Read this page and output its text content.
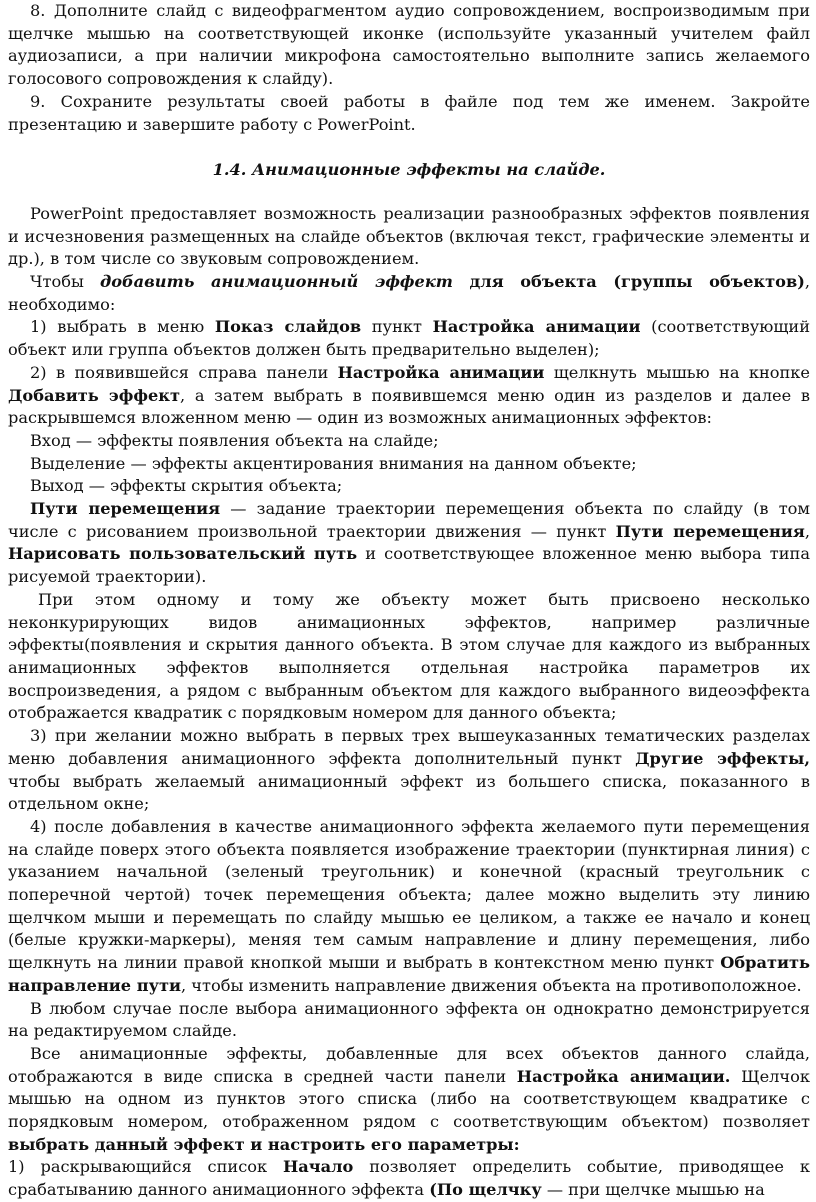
8. Дополните слайд с видеофрагментом аудио сопровождением, воспроизводимым при щелчке мышью на соответствующей иконке (используйте указанный учителем файл аудиозаписи, а при наличии микрофона самостоятельно выполните запись желаемого голосового сопровождения к слайду).

9. Сохраните результаты своей работы в файле под тем же именем. Закройте презентацию и завершите работу с PowerPoint.

1.4. Анимационные эффекты на слайде.

PowerPoint предоставляет возможность реализации разнообразных эффектов появления и исчезновения размещенных на слайде объектов (включая текст, графические элементы и др.), в том числе со звуковым сопровождением.

Чтобы добавить анимационный эффект для объекта (группы объектов), необходимо:

1) выбрать в меню Показ слайдов пункт Настройка анимации (соответствующий объект или группа объектов должен быть предварительно выделен);

2) в появившейся справа панели Настройка анимации щелкнуть мышью на кнопке Добавить эффект, а затем выбрать в появившемся меню один из разделов и далее в раскрывшемся вложенном меню — один из возможных анимационных эффектов:

Вход — эффекты появления объекта на слайде;

Выделение — эффекты акцентирования внимания на данном объекте;

Выход — эффекты скрытия объекта;

Пути перемещения — задание траектории перемещения объекта по слайду (в том числе с рисованием произвольной траектории движения — пункт Пути перемещения, Нарисовать пользовательский путь и соответствующее вложенное меню выбора типа рисуемой траектории).

При этом одному и тому же объекту может быть присвоено несколько неконкурирующих видов анимационных эффектов, например различные эффекты(появления и скрытия данного объекта. В этом случае для каждого из выбранных анимационных эффектов выполняется отдельная настройка параметров их воспроизведения, а рядом с выбранным объектом для каждого выбранного видеоэффекта отображается квадратик с порядковым номером для данного объекта;

3) при желании можно выбрать в первых трех вышеуказанных тематических разделах меню добавления анимационного эффекта дополнительный пункт Другие эффекты, чтобы выбрать желаемый анимационный эффект из большего списка, показанного в отдельном окне;

4) после добавления в качестве анимационного эффекта желаемого пути перемещения на слайде поверх этого объекта появляется изображение траектории (пунктирная линия) с указанием начальной (зеленый треугольник) и конечной (красный треугольник с поперечной чертой) точек перемещения объекта; далее можно выделить эту линию щелчком мыши и перемещать по слайду мышью ее целиком, а также ее начало и конец (белые кружки-маркеры), меняя тем самым направление и длину перемещения, либо щелкнуть на линии правой кнопкой мыши и выбрать в контекстном меню пункт Обратить направление пути, чтобы изменить направление движения объекта на противоположное.

В любом случае после выбора анимационного эффекта он однократно демонстрируется на редактируемом слайде.

Все анимационные эффекты, добавленные для всех объектов данного слайда, отображаются в виде списка в средней части панели Настройка анимации. Щелчок мышью на одном из пунктов этого списка (либо на соответствующем квадратике с порядковым номером, отображенном рядом с соответствующим объектом) позволяет выбрать данный эффект и настроить его параметры:

1) раскрывающийся список Начало позволяет определить событие, приводящее к срабатыванию данного анимационного эффекта (По щелчку — при щелчке мышью на
